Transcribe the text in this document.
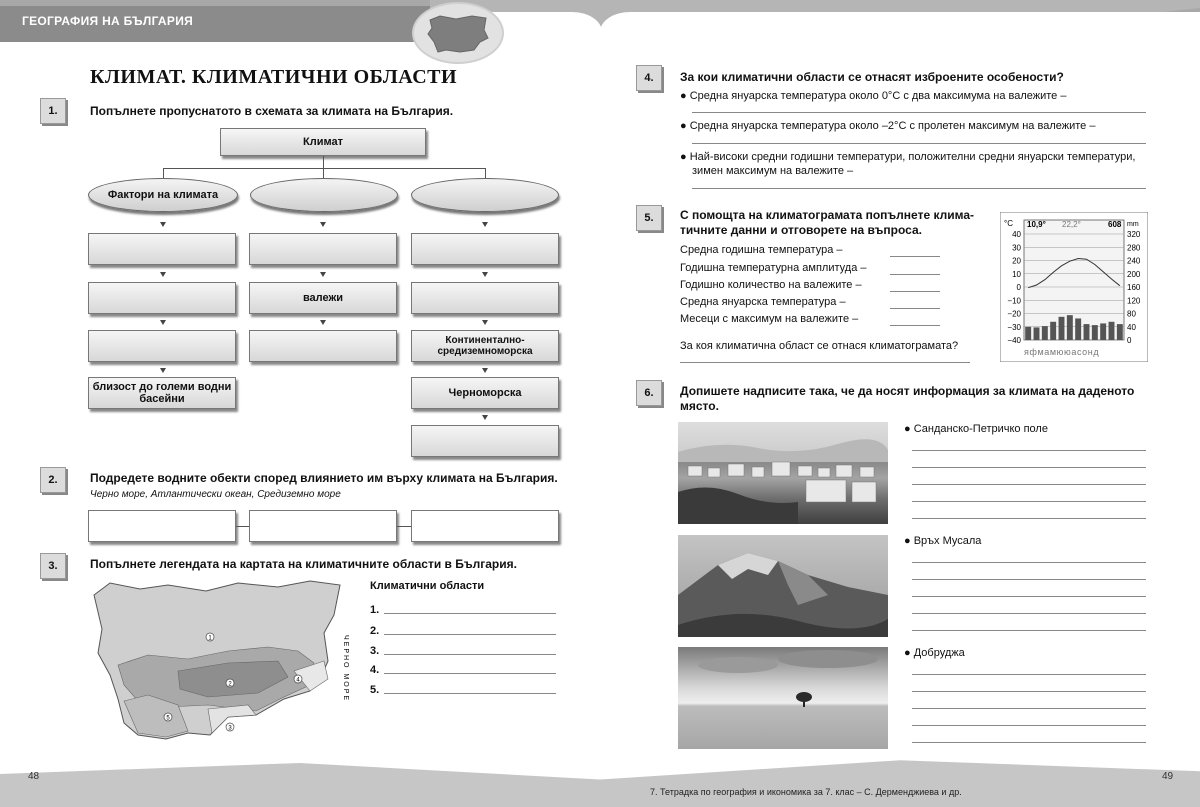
ГЕОГРАФИЯ НА БЪЛГАРИЯ
КЛИМАТ. КЛИМАТИЧНИ ОБЛАСТИ
1.	Попълнете пропуснатото в схемата за климата на България.
Климат
Фактори на климата
близост до големи водни басейни
валежи
Континентално-средиземноморска
Черноморска
2.	Подредете водните обекти според влиянието им върху климата на България.
Черно море, Атлантически океан, Средиземно море
3.	Попълнете легендата на картата на климатичните области в България.
1
2
3
4
5
ЧЕРНО МОРЕ
Климатични области
1.
2.
3.
4.
5.
4.	За кои климатични области се отнасят изброените особености?
● Средна януарска температура около 0°С с два максимума на валежите –
● Средна януарска температура около –2°С с пролетен максимум на валежите –
● Най-високи средни годишни температури, положителни средни януарски температури,
зимен максимум на валежите –
5.	С помощта на климатограмата попълнете клима-
тичните данни и отговорете на въпроса.
Средна годишна температура –
Годишна температурна амплитуда –
Годишно количество на валежите –
Средна януарска температура –
Месеци с максимум на валежите –
За коя климатична област се отнася климатограмата?
°C	mm
10,9° 22,2°	608
40	320
30	280
20	240
10	200
0	160
−10	120
−20	80
−30	40
−40	0
яфмамююасонд
6.	Допишете надписите така, че да носят информация за климата на даденото
място.
● Санданско-Петричко поле
● Връх Мусала
● Добруджа
48	49
7. Тетрадка по география и икономика за 7. клас – С. Дерменджиева и др.
